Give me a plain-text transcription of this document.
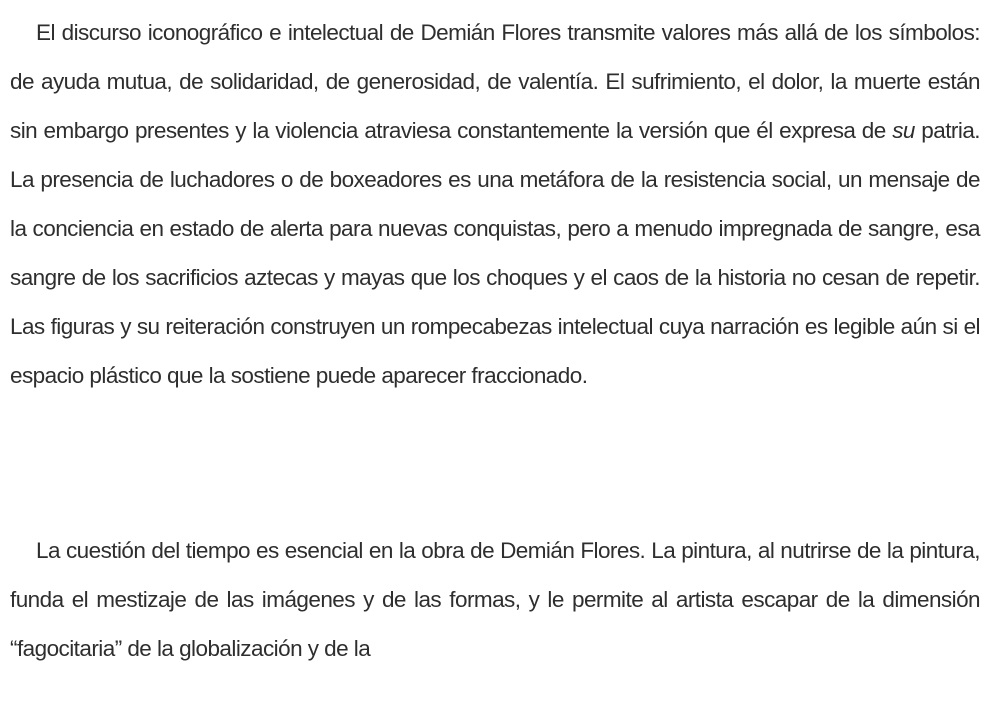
El discurso iconográfico e intelectual de Demián Flores transmite valores más allá de los símbolos: de ayuda mutua, de solidaridad, de generosidad, de valentía. El sufrimiento, el dolor, la muerte están sin embargo presentes y la violencia atraviesa constantemente la versión que él expresa de su patria. La presencia de luchadores o de boxeadores es una metáfora de la resistencia social, un mensaje de la conciencia en estado de alerta para nuevas conquistas, pero a menudo impregnada de sangre, esa sangre de los sacrificios aztecas y mayas que los choques y el caos de la historia no cesan de repetir. Las figuras y su reiteración construyen un rompecabezas intelectual cuya narración es legible aún si el espacio plástico que la sostiene puede aparecer fraccionado.

La cuestión del tiempo es esencial en la obra de Demián Flores. La pintura, al nutrirse de la pintura, funda el mestizaje de las imágenes y de las formas, y le permite al artista escapar de la dimensión “fagocitaria” de la globalización y de la
